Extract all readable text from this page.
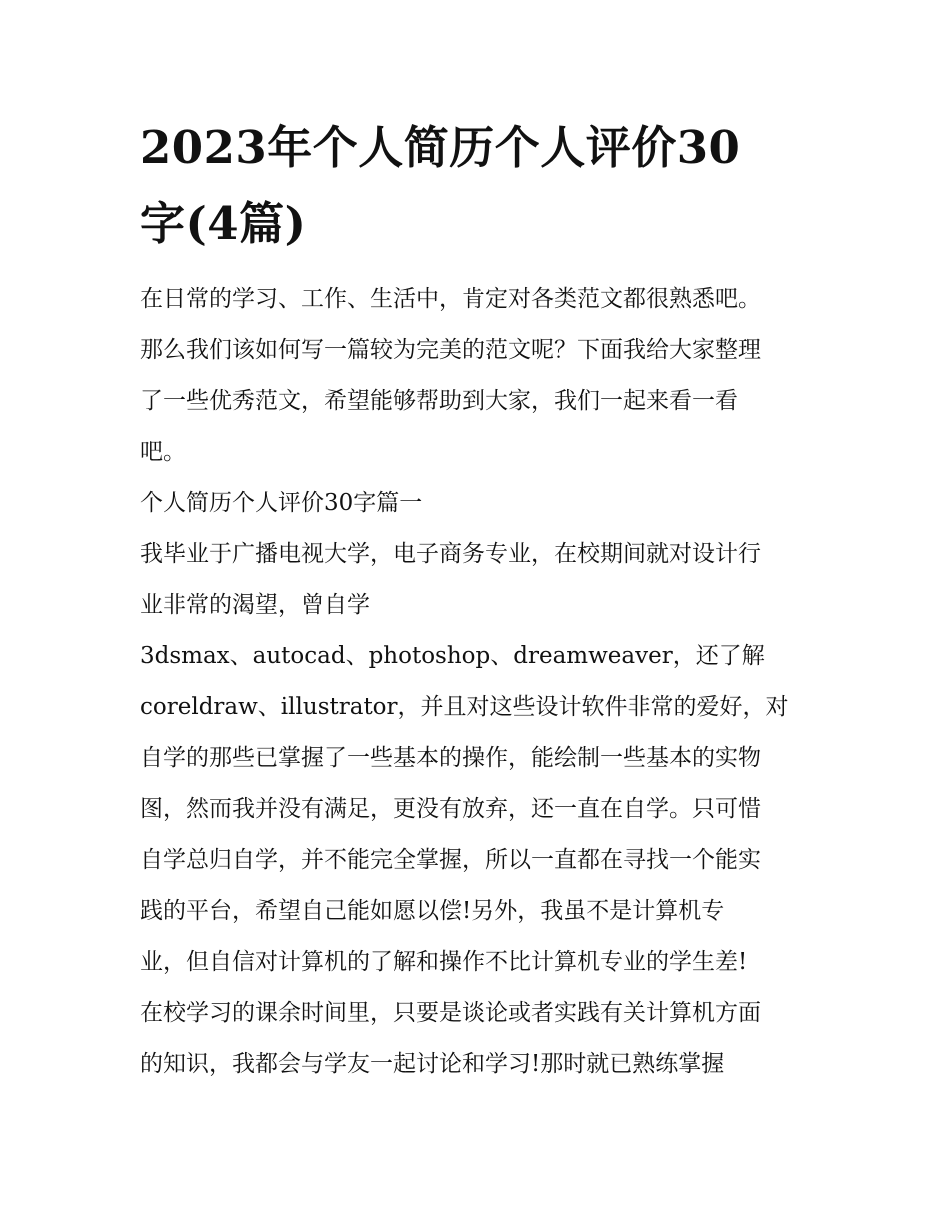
2023年个人简历个人评价30
字(4篇)
在日常的学习、工作、生活中，肯定对各类范文都很熟悉吧。
那么我们该如何写一篇较为完美的范文呢？下面我给大家整理
了一些优秀范文，希望能够帮助到大家，我们一起来看一看
吧。
个人简历个人评价30字篇一
我毕业于广播电视大学，电子商务专业，在校期间就对设计行
业非常的渴望，曾自学
3dsmax、autocad、photoshop、dreamweaver，还了解
coreldraw、illustrator，并且对这些设计软件非常的爱好，对
自学的那些已掌握了一些基本的操作，能绘制一些基本的实物
图，然而我并没有满足，更没有放弃，还一直在自学。只可惜
自学总归自学，并不能完全掌握，所以一直都在寻找一个能实
践的平台，希望自己能如愿以偿!另外，我虽不是计算机专
业，但自信对计算机的了解和操作不比计算机专业的学生差!
在校学习的课余时间里，只要是谈论或者实践有关计算机方面
的知识，我都会与学友一起讨论和学习!那时就已熟练掌握
